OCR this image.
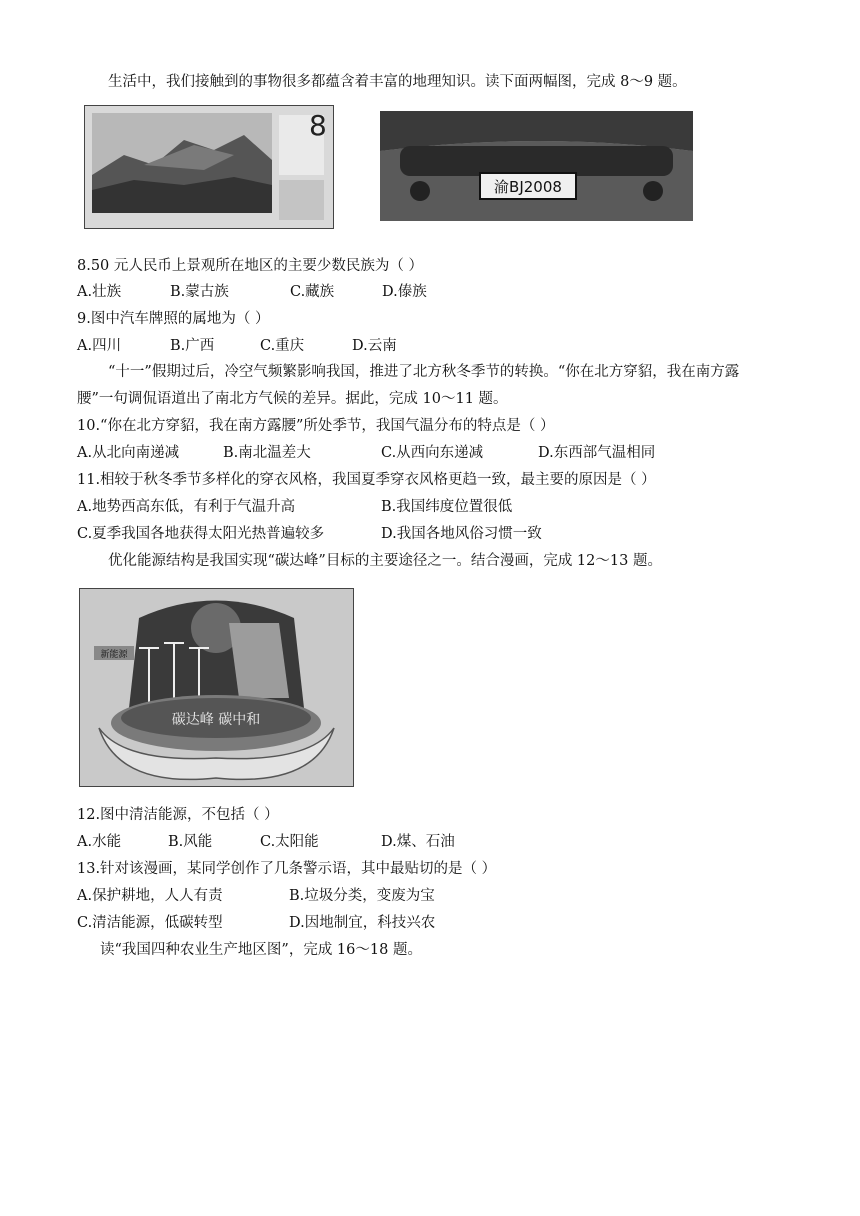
生活中，我们接触到的事物很多都蕴含着丰富的地理知识。读下面两幅图，完成 8～9 题。
8
渝BJ2008
8.50 元人民币上景观所在地区的主要少数民族为（ ）
A.壮族	B.蒙古族	C.藏族	D.傣族
9.图中汽车牌照的属地为（ ）
A.四川	B.广西	C.重庆	D.云南
“十一”假期过后，冷空气频繁影响我国，推进了北方秋冬季节的转换。“你在北方穿貂，我在南方露
腰”一句调侃语道出了南北方气候的差异。据此，完成 10～11 题。
10.“你在北方穿貂，我在南方露腰”所处季节，我国气温分布的特点是（ ）
A.从北向南递减	B.南北温差大	C.从西向东递减	D.东西部气温相同
11.相较于秋冬季节多样化的穿衣风格，我国夏季穿衣风格更趋一致，最主要的原因是（ ）
A.地势西高东低，有利于气温升高	B.我国纬度位置很低
C.夏季我国各地获得太阳光热普遍较多	D.我国各地风俗习惯一致
优化能源结构是我国实现“碳达峰”目标的主要途径之一。结合漫画，完成 12～13 题。
碳达峰 碳中和
新能源
12.图中清洁能源，不包括（ ）
A.水能	B.风能	C.太阳能	D.煤、石油
13.针对该漫画，某同学创作了几条警示语，其中最贴切的是（ ）
A.保护耕地，人人有责	B.垃圾分类，变废为宝
C.清洁能源，低碳转型	D.因地制宜，科技兴农
读“我国四种农业生产地区图”，完成 16～18 题。
